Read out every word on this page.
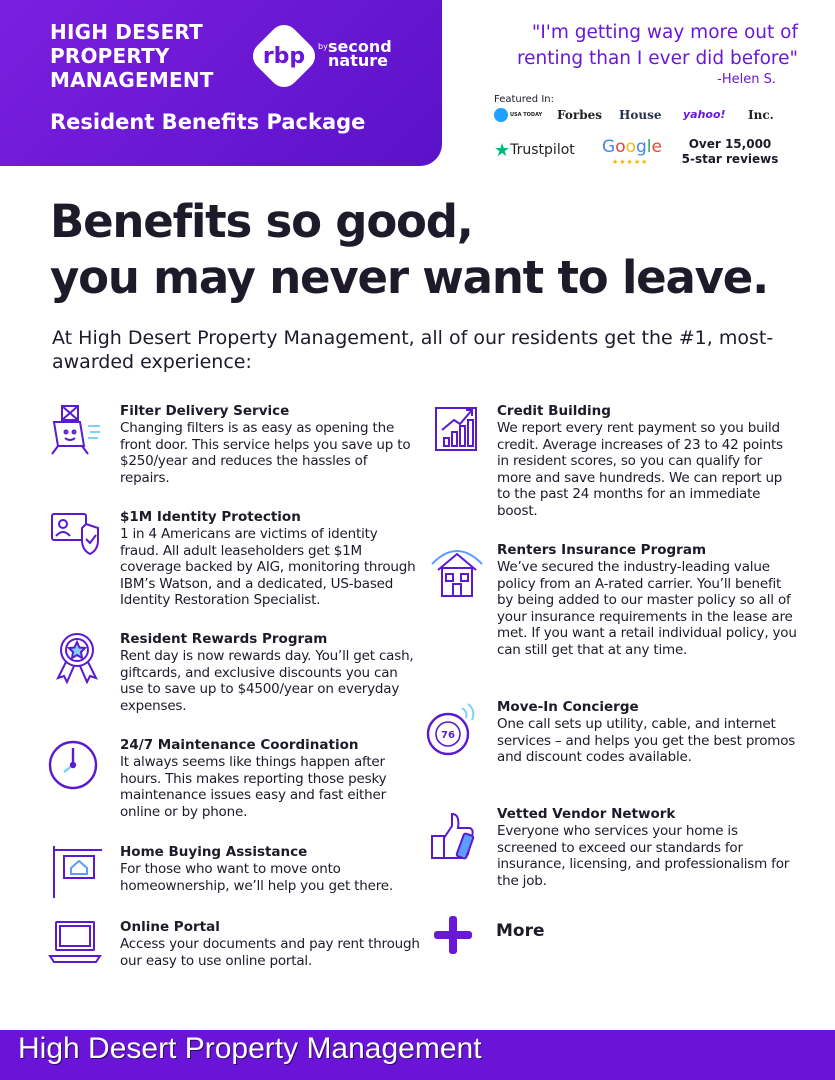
HIGH DESERT PROPERTY MANAGEMENT
rbp	by second nature
Resident Benefits Package
"I'm getting way more out of renting than I ever did before"
-Helen S.
Featured In:
USA TODAY Forbes House yahoo! Inc.
★Trustpilot Google
★★★★★
Over 15,000 5-star reviews
Benefits so good,
you may never want to leave.
At High Desert Property Management, all of our residents get the #1, most-awarded experience:
Filter Delivery Service
Changing filters is as easy as opening the front door. This service helps you save up to $250/year and reduces the hassles of repairs.
$1M Identity Protection
1 in 4 Americans are victims of identity fraud. All adult leaseholders get $1M coverage backed by AIG, monitoring through IBM’s Watson, and a dedicated, US-based Identity Restoration Specialist.
Resident Rewards Program
Rent day is now rewards day. You’ll get cash, giftcards, and exclusive discounts you can use to save up to $4500/year on everyday expenses.
24/7 Maintenance Coordination
It always seems like things happen after hours. This makes reporting those pesky maintenance issues easy and fast either online or by phone.
Home Buying Assistance
For those who want to move onto homeownership, we’ll help you get there.
Online Portal
Access your documents and pay rent through our easy to use online portal.
Credit Building
We report every rent payment so you build credit. Average increases of 23 to 42 points in resident scores, so you can qualify for more and save hundreds. We can report up to the past 24 months for an immediate boost.
Renters Insurance Program
We’ve secured the industry-leading value policy from an A-rated carrier. You’ll benefit by being added to our master policy so all of your insurance requirements in the lease are met. If you want a retail individual policy, you can still get that at any time.
76
Move-In Concierge
One call sets up utility, cable, and internet services – and helps you get the best promos and discount codes available.
Vetted Vendor Network
Everyone who services your home is screened to exceed our standards for insurance, licensing, and professionalism for the job.
More
High Desert Property Management
